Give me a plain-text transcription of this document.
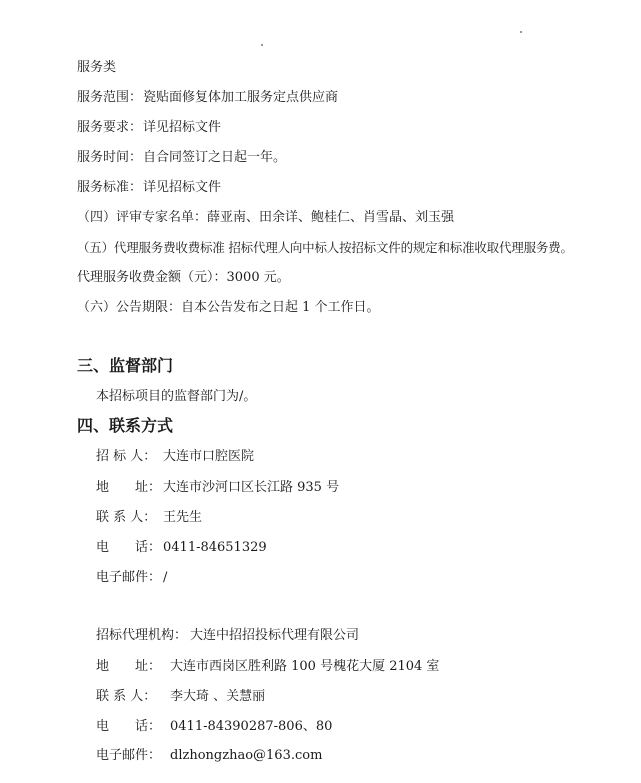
服务类
服务范围： 瓷贴面修复体加工服务定点供应商
服务要求： 详见招标文件
服务时间： 自合同签订之日起一年。
服务标准： 详见招标文件
（四）评审专家名单：薛亚南、田余详、鲍桂仁、肖雪晶、刘玉强
（五）代理服务费收费标准 招标代理人向中标人按招标文件的规定和标准收取代理服务费。
代理服务收费金额（元）：3000 元。
（六）公告期限：自本公告发布之日起 1 个工作日。
三、监督部门
本招标项目的监督部门为/。
四、联系方式
招 标 人： 大连市口腔医院
地　　址： 大连市沙河口区长江路 935 号
联 系 人： 王先生
电　　话： 0411-84651329
电子邮件： /
招标代理机构： 大连中招招投标代理有限公司
地　　址： 大连市西岗区胜利路 100 号槐花大厦 2104 室
联 系 人： 李大琦 、关慧丽
电　　话： 0411-84390287-806、80
电子邮件： dlzhongzhao@163.com
